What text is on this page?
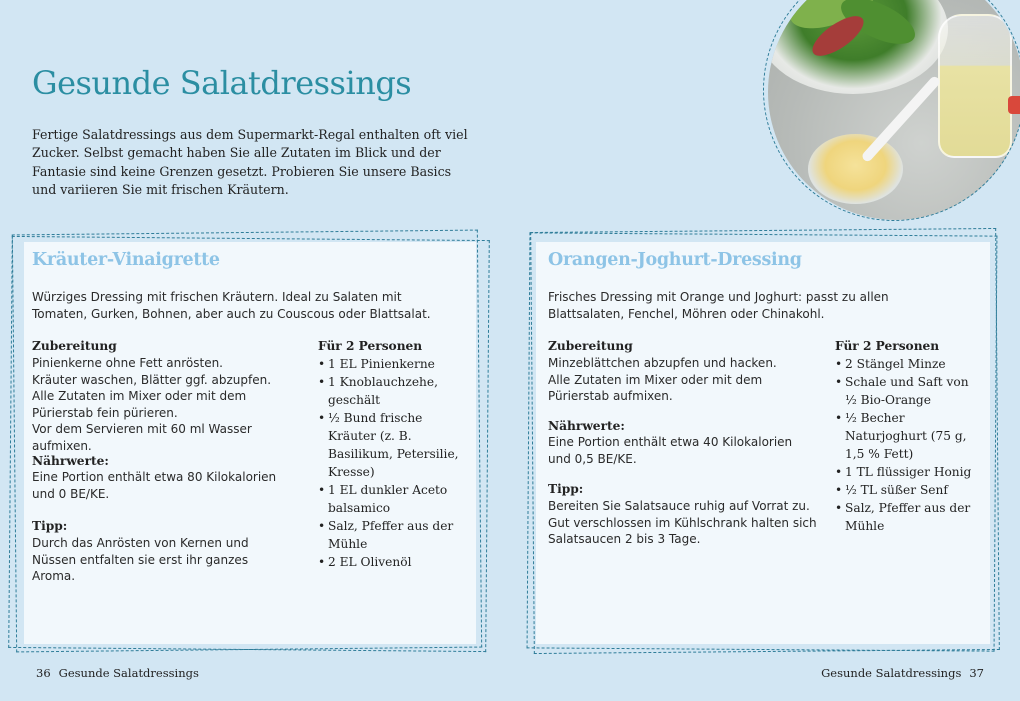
Gesunde Salatdressings

Fertige Salatdressings aus dem Supermarkt-Regal enthalten oft viel Zucker. Selbst gemacht haben Sie alle Zutaten im Blick und der Fantasie sind keine Grenzen gesetzt. Probieren Sie unsere Basics und variieren Sie mit frischen Kräutern.

Kräuter-Vinaigrette

Würziges Dressing mit frischen Kräutern. Ideal zu Salaten mit Tomaten, Gurken, Bohnen, aber auch zu Couscous oder Blattsalat.

Zubereitung

Pinienkerne ohne Fett anrösten.
Kräuter waschen, Blätter ggf. abzupfen.
Alle Zutaten im Mixer oder mit dem Pürierstab fein pürieren.
Vor dem Servieren mit 60 ml Wasser aufmixen.

Nährwerte:

Eine Portion enthält etwa 80 Kilokalorien und 0 BE/KE.

Tipp:

Durch das Anrösten von Kernen und Nüssen entfalten sie erst ihr ganzes Aroma.

Für 2 Personen

• 1 EL Pinienkerne
• 1 Knoblauchzehe, geschält
• ½ Bund frische Kräuter (z. B. Basilikum, Petersilie, Kresse)
• 1 EL dunkler Aceto balsamico
• Salz, Pfeffer aus der Mühle
• 2 EL Olivenöl
Orangen-Joghurt-Dressing

Frisches Dressing mit Orange und Joghurt: passt zu allen Blattsalaten, Fenchel, Möhren oder Chinakohl.

Zubereitung

Minzeblättchen abzupfen und hacken.
Alle Zutaten im Mixer oder mit dem Pürierstab aufmixen.

Nährwerte:

Eine Portion enthält etwa 40 Kilokalorien und 0,5 BE/KE.

Tipp:

Bereiten Sie Salatsauce ruhig auf Vorrat zu. Gut verschlossen im Kühlschrank halten sich Salatsaucen 2 bis 3 Tage.

Für 2 Personen

• 2 Stängel Minze
• Schale und Saft von ½ Bio-Orange
• ½ Becher Naturjoghurt (75 g, 1,5 % Fett)
• 1 TL flüssiger Honig
• ½ TL süßer Senf
• Salz, Pfeffer aus der Mühle
36 Gesunde Salatdressings	Gesunde Salatdressings 37
